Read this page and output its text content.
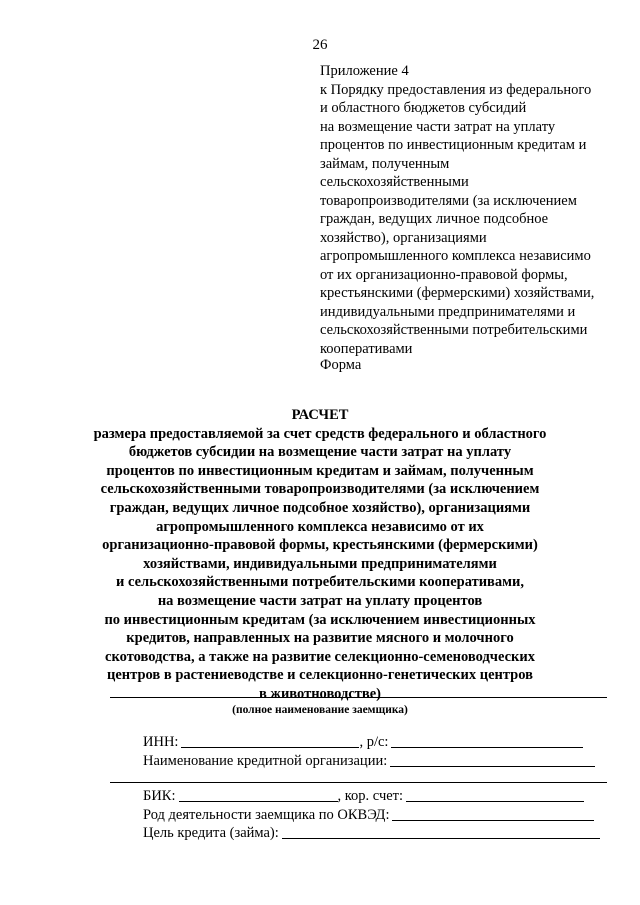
26
Приложение 4
к Порядку предоставления из федерального
и областного бюджетов субсидий
на возмещение части затрат на уплату
процентов по инвестиционным кредитам и
займам, полученным
сельскохозяйственными
товаропроизводителями (за исключением
граждан, ведущих личное подсобное
хозяйство), организациями
агропромышленного комплекса независимо
от их организационно-правовой формы,
крестьянскими (фермерскими) хозяйствами,
индивидуальными предпринимателями и
сельскохозяйственными потребительскими
кооперативами
Форма
РАСЧЕТ
размера предоставляемой за счет средств федерального и областного
бюджетов субсидии на возмещение части затрат на уплату
процентов по инвестиционным кредитам и займам, полученным
сельскохозяйственными товаропроизводителями (за исключением
граждан, ведущих личное подсобное хозяйство), организациями
агропромышленного комплекса независимо от их
организационно-правовой формы, крестьянскими (фермерскими)
хозяйствами, индивидуальными предпринимателями
и сельскохозяйственными потребительскими кооперативами,
на возмещение части затрат на уплату процентов
по инвестиционным кредитам (за исключением инвестиционных
кредитов, направленных на развитие мясного и молочного
скотоводства, а также на развитие селекционно-семеноводческих
центров в растениеводстве и селекционно-генетических центров
в животноводстве)
(полное наименование заемщика)
ИНН:	, р/с:
Наименование кредитной организации:
БИК:	, кор. счет:
Род деятельности заемщика по ОКВЭД:
Цель кредита (займа):
